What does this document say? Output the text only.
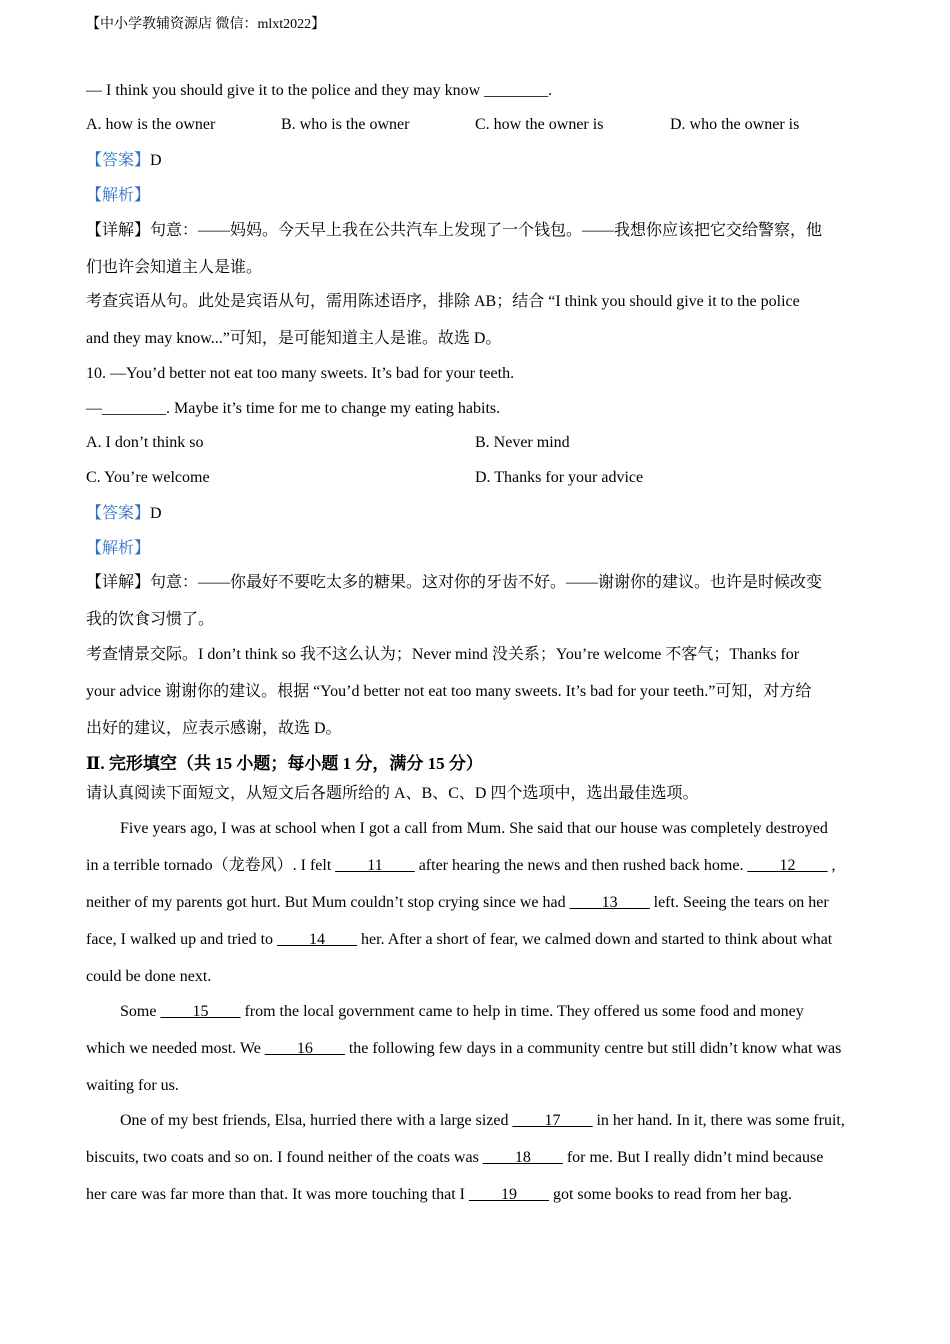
【中小学教辅资源店 微信：mlxt2022】
— I think you should give it to the police and they may know ________.
A. how is the owner	B. who is the owner	C. how the owner is	D. who the owner is
【答案】D
【解析】
【详解】句意：——妈妈。今天早上我在公共汽车上发现了一个钱包。——我想你应该把它交给警察，他
们也许会知道主人是谁。
考查宾语从句。此处是宾语从句，需用陈述语序，排除 AB；结合 “I think you should give it to the police
and they may know...”可知，是可能知道主人是谁。故选 D。
10. —You’d better not eat too many sweets. It’s bad for your teeth.
—________. Maybe it’s time for me to change my eating habits.
A. I don’t think so	B. Never mind
C. You’re welcome	D. Thanks for your advice
【答案】D
【解析】
【详解】句意：——你最好不要吃太多的糖果。这对你的牙齿不好。——谢谢你的建议。也许是时候改变
我的饮食习惯了。
考查情景交际。I don’t think so 我不这么认为；Never mind 没关系；You’re welcome 不客气；Thanks for
your advice 谢谢你的建议。根据 “You’d better not eat too many sweets. It’s bad for your teeth.”可知，对方给
出好的建议，应表示感谢，故选 D。
Ⅱ. 完形填空（共 15 小题；每小题 1 分，满分 15 分）
请认真阅读下面短文，从短文后各题所给的 A、B、C、D 四个选项中，选出最佳选项。
Five years ago, I was at school when I got a call from Mum. She said that our house was completely destroyed
in a terrible tornado（龙卷风）. I felt ____11____ after hearing the news and then rushed back home. ____12____ ,
neither of my parents got hurt. But Mum couldn’t stop crying since we had ____13____ left. Seeing the tears on her
face, I walked up and tried to ____14____ her. After a short of fear, we calmed down and started to think about what
could be done next.
Some ____15____ from the local government came to help in time. They offered us some food and money
which we needed most. We ____16____ the following few days in a community centre but still didn’t know what was
waiting for us.
One of my best friends, Elsa, hurried there with a large sized ____17____ in her hand. In it, there was some fruit,
biscuits, two coats and so on. I found neither of the coats was ____18____ for me. But I really didn’t mind because
her care was far more than that. It was more touching that I ____19____ got some books to read from her bag.
